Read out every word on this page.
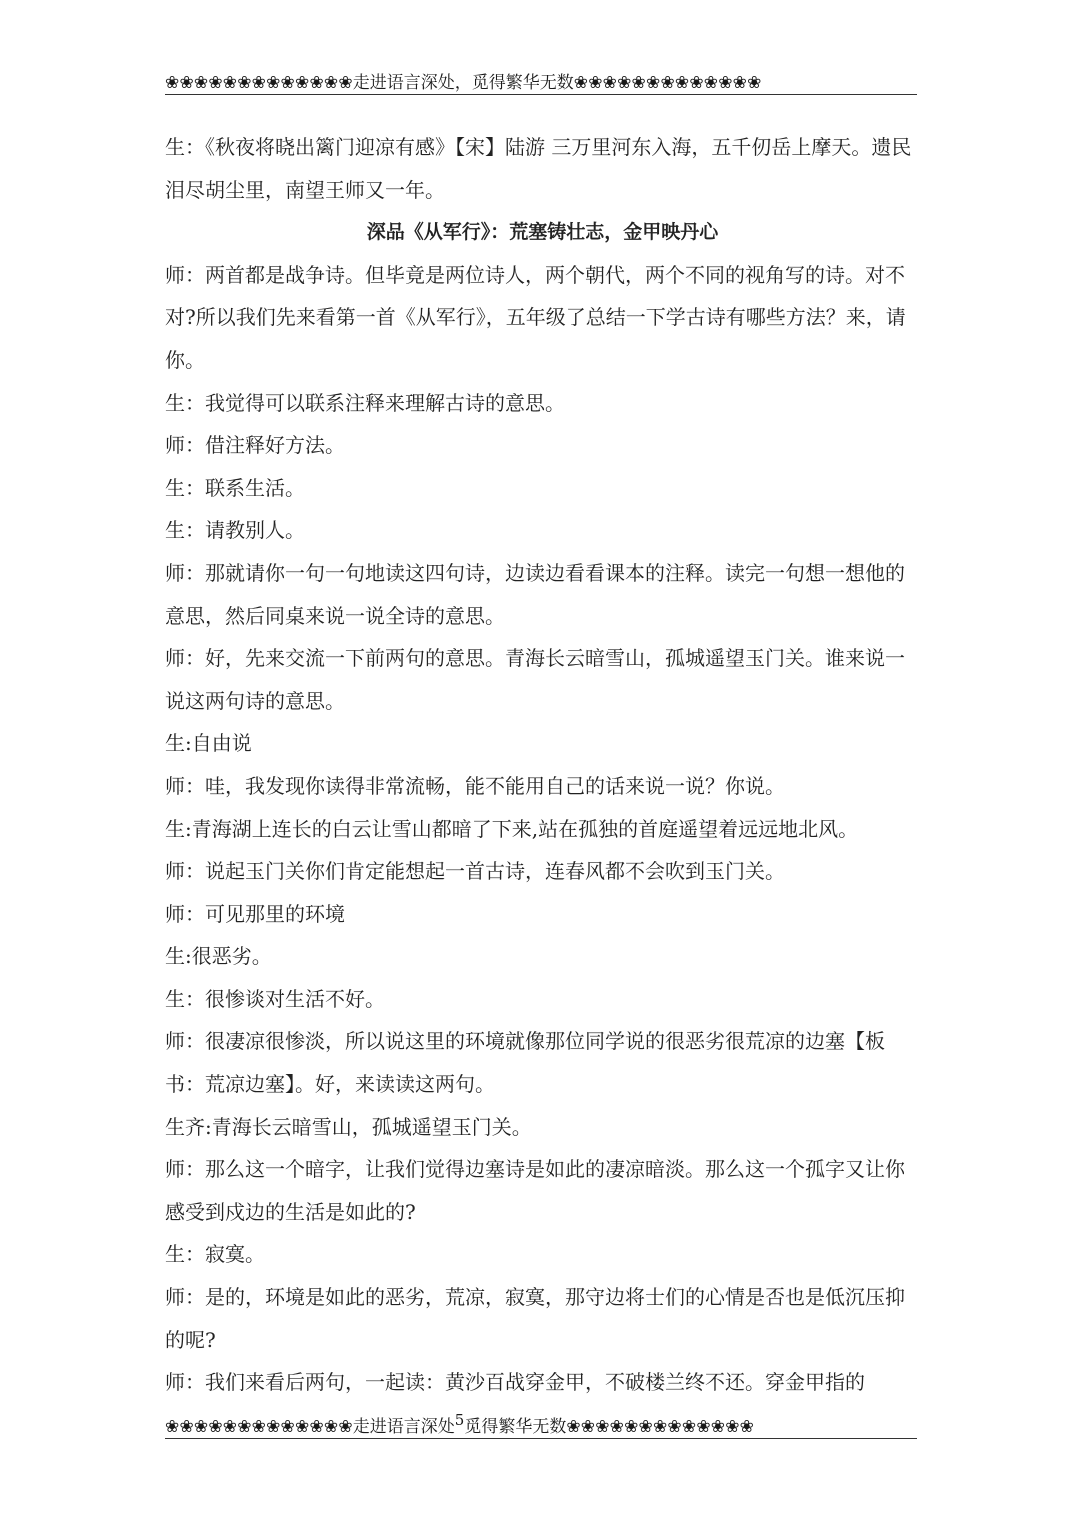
❀❀❀❀❀❀❀❀❀❀❀❀❀走进语言深处，觅得繁华无数❀❀❀❀❀❀❀❀❀❀❀❀❀

生：《秋夜将晓出篱门迎凉有感》【宋】陆游 三万里河东入海，五千仞岳上摩天。遗民泪尽胡尘里，南望王师又一年。

深品《从军行》：荒塞铸壮志，金甲映丹心

师：两首都是战争诗。但毕竟是两位诗人，两个朝代，两个不同的视角写的诗。对不对?所以我们先来看第一首《从军行》，五年级了总结一下学古诗有哪些方法？来，请你。

生：我觉得可以联系注释来理解古诗的意思。

师：借注释好方法。

生：联系生活。

生：请教别人。

师：那就请你一句一句地读这四句诗，边读边看看课本的注释。读完一句想一想他的意思，然后同桌来说一说全诗的意思。

师：好，先来交流一下前两句的意思。青海长云暗雪山，孤城遥望玉门关。谁来说一说这两句诗的意思。

生:自由说

师：哇，我发现你读得非常流畅，能不能用自己的话来说一说？你说。

生:青海湖上连长的白云让雪山都暗了下来,站在孤独的首庭遥望着远远地北风。

师：说起玉门关你们肯定能想起一首古诗，连春风都不会吹到玉门关。

师：可见那里的环境

生:很恶劣。

生：很惨谈对生活不好。

师：很凄凉很惨淡，所以说这里的环境就像那位同学说的很恶劣很荒凉的边塞【板书：荒凉边塞】。好，来读读这两句。

生齐:青海长云暗雪山，孤城遥望玉门关。

师：那么这一个暗字，让我们觉得边塞诗是如此的凄凉暗淡。那么这一个孤字又让你感受到戍边的生活是如此的?

生：寂寞。

师：是的，环境是如此的恶劣，荒凉，寂寞，那守边将士们的心情是否也是低沉压抑的呢?

师：我们来看后两句，一起读：黄沙百战穿金甲，不破楼兰终不还。穿金甲指的

❀❀❀❀❀❀❀❀❀❀❀❀❀走进语言深处5觅得繁华无数❀❀❀❀❀❀❀❀❀❀❀❀❀
